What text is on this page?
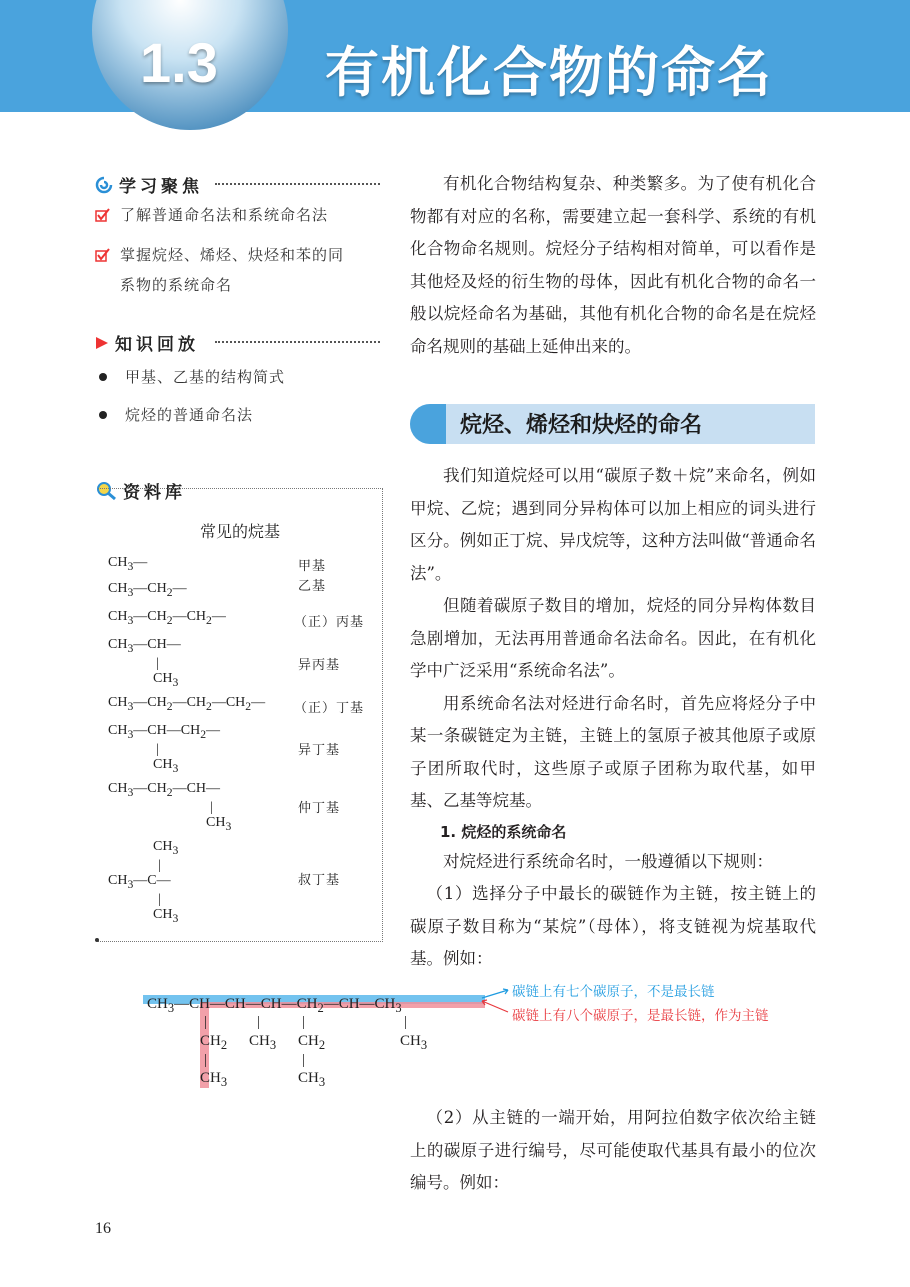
1.3 有机化合物的命名
学习聚焦
了解普通命名法和系统命名法
掌握烷烃、烯烃、炔烃和苯的同
系物的系统命名
知识回放
甲基、乙基的结构简式
烷烃的普通命名法
资料库
常见的烷基
$CH_3—$
$CH_3—CH_2—$
$CH_3—CH_2—CH_2—$
$CH_3—CH—$
|
$CH_3$
$CH_3—CH_2—CH_2—CH_2—$
$CH_3—CH—CH_2—$
|
$CH_3$
$CH_3—CH_2—CH—$
|
$CH_3$
$CH_3$
|
$CH_3—C—$
|
$CH_3$
甲基
乙基
（正）丙基
异丙基
（正）丁基
异丁基
仲丁基
叔丁基

有机化合物结构复杂、种类繁多。为了使有机化合物都有对应的名称，需要建立起一套科学、系统的有机化合物命名规则。烷烃分子结构相对简单，可以看作是其他烃及烃的衍生物的母体，因此有机化合物的命名一般以烷烃命名为基础，其他有机化合物的命名是在烷烃命名规则的基础上延伸出来的。

烷烃、烯烃和炔烃的命名

我们知道烷烃可以用“碳原子数＋烷”来命名，例如甲烷、乙烷；遇到同分异构体可以加上相应的词头进行区分。例如正丁烷、异戊烷等，这种方法叫做“普通命名法”。

但随着碳原子数目的增加，烷烃的同分异构体数目急剧增加，无法再用普通命名法命名。因此，在有机化学中广泛采用“系统命名法”。

用系统命名法对烃进行命名时，首先应将烃分子中某一条碳链定为主链，主链上的氢原子被其他原子或原子团所取代时，这些原子或原子团称为取代基，如甲基、乙基等烷基。

1. 烷烃的系统命名

对烷烃进行系统命名时，一般遵循以下规则：

（1）选择分子中最长的碳链作为主链，按主链上的碳原子数目称为“某烷”（母体），将支链视为烷基取代基。例如：

$CH_3—CH—CH—CH—CH_2—CH—CH_3$
|
$CH_2$
|
$CH_3$
|
$CH_3$
|
$CH_2$
|
$CH_3$
|
$CH_3$
碳链上有七个碳原子，不是最长链
碳链上有八个碳原子，是最长链，作为主链

（2）从主链的一端开始，用阿拉伯数字依次给主链上的碳原子进行编号，尽可能使取代基具有最小的位次编号。例如：

16
